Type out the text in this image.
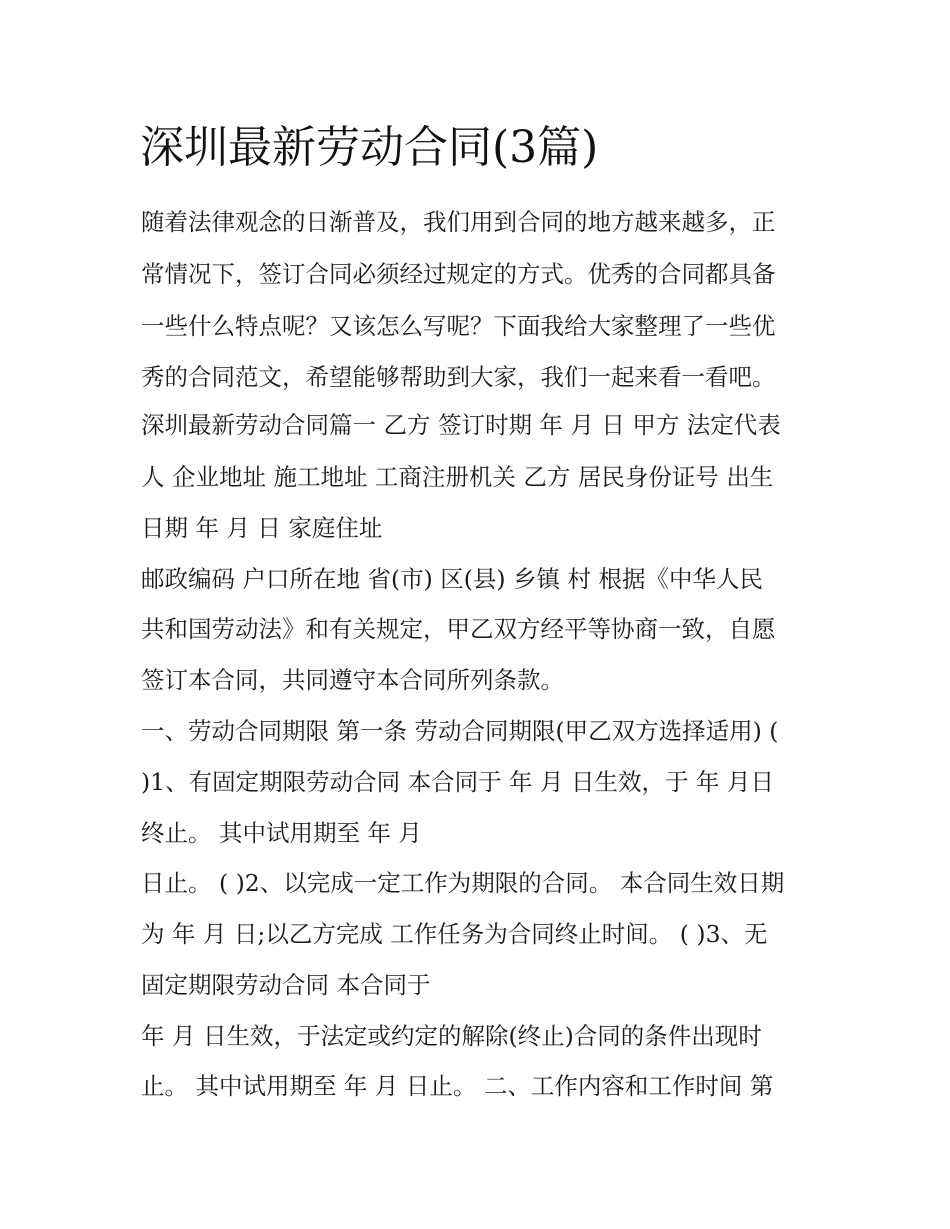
深圳最新劳动合同(3篇)

随着法律观念的日渐普及，我们用到合同的地方越来越多，正

常情况下，签订合同必须经过规定的方式。优秀的合同都具备

一些什么特点呢？又该怎么写呢？下面我给大家整理了一些优

秀的合同范文，希望能够帮助到大家，我们一起来看一看吧。

深圳最新劳动合同篇一 乙方 签订时期 年 月 日 甲方 法定代表

人 企业地址 施工地址 工商注册机关 乙方 居民身份证号 出生

日期 年 月 日 家庭住址

邮政编码 户口所在地 省(市) 区(县) 乡镇 村 根据《中华人民

共和国劳动法》和有关规定，甲乙双方经平等协商一致，自愿

签订本合同，共同遵守本合同所列条款。

一、劳动合同期限 第一条 劳动合同期限(甲乙双方选择适用) (

)1、有固定期限劳动合同 本合同于 年 月 日生效，于 年 月日

终止。 其中试用期至 年 月

日止。 ( )2、以完成一定工作为期限的合同。 本合同生效日期

为 年 月 日;以乙方完成 工作任务为合同终止时间。 ( )3、无

固定期限劳动合同 本合同于

年 月 日生效，于法定或约定的解除(终止)合同的条件出现时

止。 其中试用期至 年 月 日止。 二、工作内容和工作时间 第
